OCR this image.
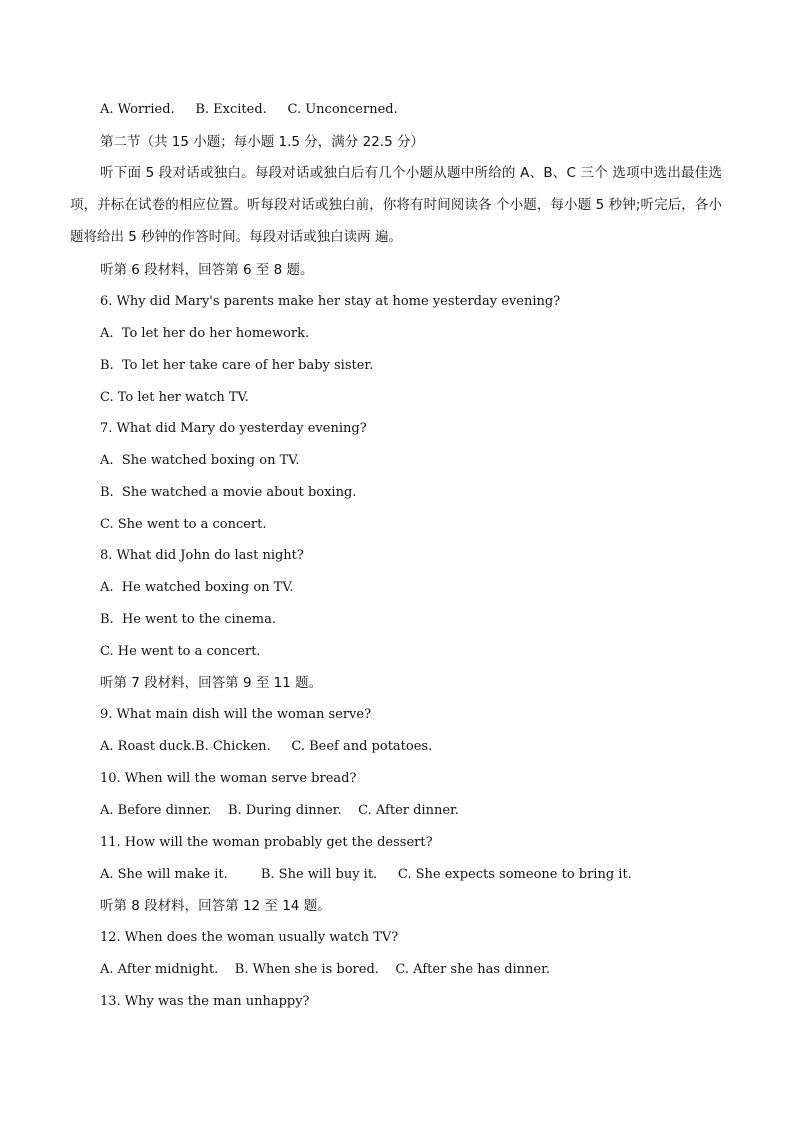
A. Worried.     B. Excited.     C. Unconcerned.
第二节（共 15 小题；每小题 1.5 分，满分 22.5 分）
听下面 5 段对话或独白。每段对话或独白后有几个小题从题中所给的 A、B、C 三个 选项中选出最佳选项，并标在试卷的相应位置。听每段对话或独白前，你将有时间阅读各 个小题，每小题 5 秒钟;听完后，各小题将给出 5 秒钟的作答时间。每段对话或独白读两 遍。
听第 6 段材料，回答第 6 至 8 题。
6. Why did Mary's parents make her stay at home yesterday evening?
A.  To let her do her homework.
B.  To let her take care of her baby sister.
C. To let her watch TV.
7. What did Mary do yesterday evening?
A.  She watched boxing on TV.
B.  She watched a movie about boxing.
C. She went to a concert.
8. What did John do last night?
A.  He watched boxing on TV.
B.  He went to the cinema.
C. He went to a concert.
听第 7 段材料，回答第 9 至 11 题。
9. What main dish will the woman serve?
A. Roast duck.B. Chicken.     C. Beef and potatoes.
10. When will the woman serve bread?
A. Before dinner.    B. During dinner.    C. After dinner.
11. How will the woman probably get the dessert?
A. She will make it.        B. She will buy it.     C. She expects someone to bring it.
听第 8 段材料，回答第 12 至 14 题。
12. When does the woman usually watch TV?
A. After midnight.    B. When she is bored.    C. After she has dinner.
13. Why was the man unhappy?
